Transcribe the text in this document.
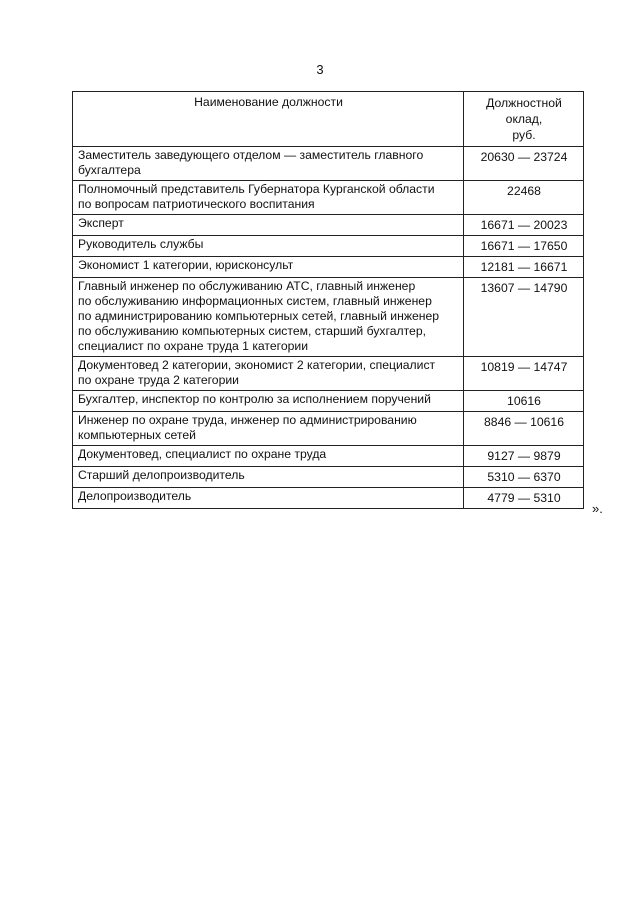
3
Наименование должности	Должностной оклад,
руб.

Заместитель заведующего отделом — заместитель главного
бухгалтера	20630 — 23724

Полномочный представитель Губернатора Курганской области
по вопросам патриотического воспитания	22468

Эксперт	16671 — 20023

Руководитель службы	16671 — 17650

Экономист 1 категории, юрисконсульт	12181 — 16671

Главный инженер по обслуживанию АТС, главный инженер
по обслуживанию информационных систем, главный инженер
по администрированию компьютерных сетей, главный инженер
по обслуживанию компьютерных систем, старший бухгалтер,
специалист по охране труда 1 категории	13607 — 14790

Документовед 2 категории, экономист 2 категории, специалист
по охране труда 2 категории	10819 — 14747

Бухгалтер, инспектор по контролю за исполнением поручений	10616

Инженер по охране труда, инженер по администрированию
компьютерных сетей	8846 — 10616

Документовед, специалист по охране труда	9127 — 9879

Старший делопроизводитель	5310 — 6370

Делопроизводитель	4779 — 5310
».
